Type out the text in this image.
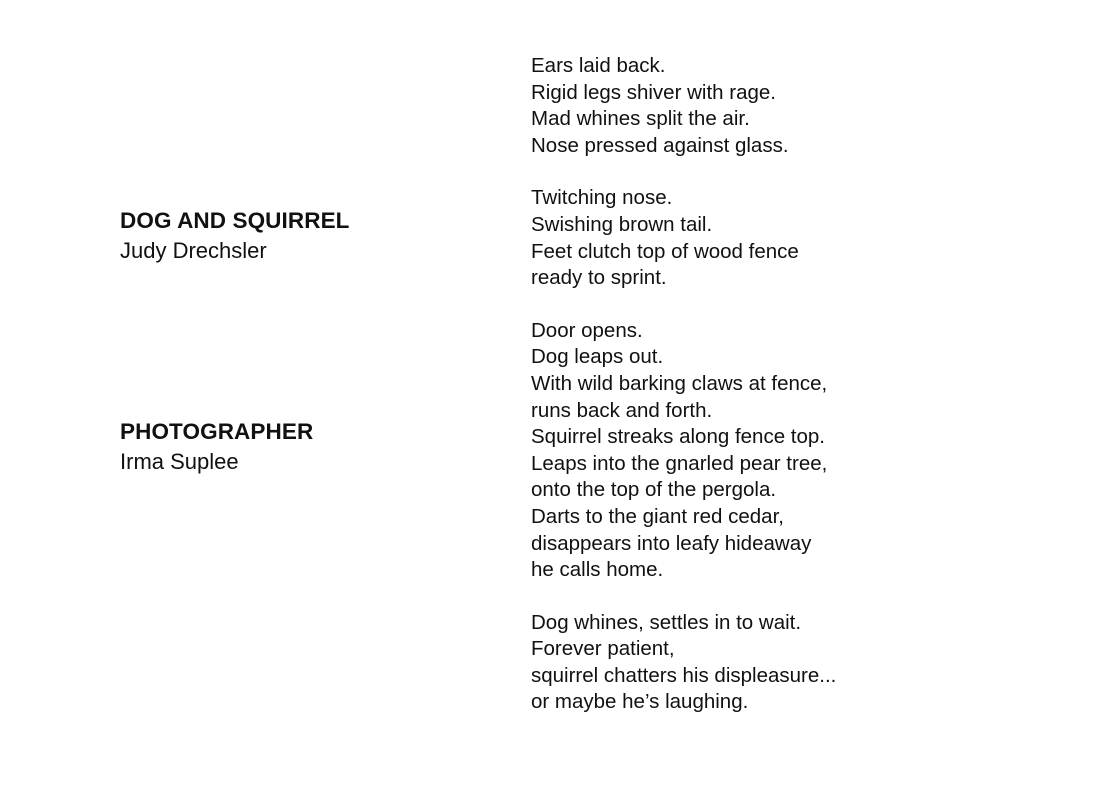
DOG AND SQUIRREL
Judy Drechsler
PHOTOGRAPHER
Irma Suplee
Ears laid back.
Rigid legs shiver with rage.
Mad whines split the air.
Nose pressed against glass.
Twitching nose.
Swishing brown tail.
Feet clutch top of wood fence
ready to sprint.
Door opens.
Dog leaps out.
With wild barking claws at fence,
runs back and forth.
Squirrel streaks along fence top.
Leaps into the gnarled pear tree,
onto the top of the pergola.
Darts to the giant red cedar,
disappears into leafy hideaway
he calls home.
Dog whines, settles in to wait.
Forever patient,
squirrel chatters his displeasure...
or maybe he’s laughing.
